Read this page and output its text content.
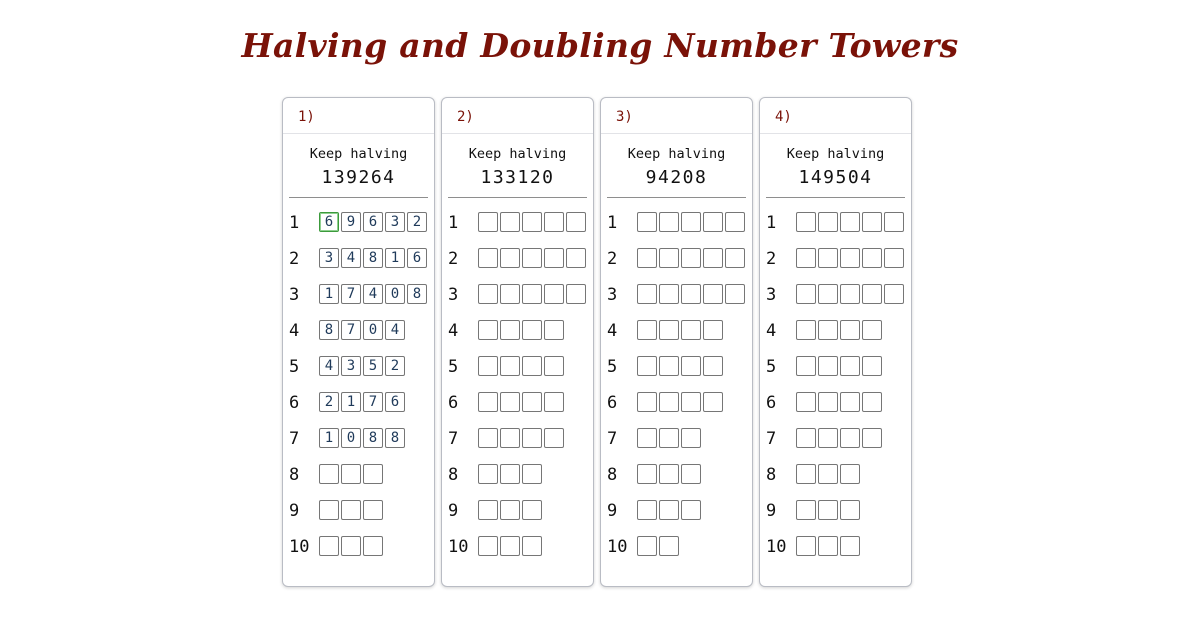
Halving and Doubling Number Towers
1)
Keep halving
139264
1	6 9 6 3 2
2	3 4 8 1 6
3	1 7 4 0 8
4	8 7 0 4
5	4 3 5 2
6	2 1 7 6
7	1 0 8 8
8
9
10
2)
Keep halving
133120
1
2
3
4
5
6
7
8
9
10
3)
Keep halving
94208
1
2
3
4
5
6
7
8
9
10
4)
Keep halving
149504
1
2
3
4
5
6
7
8
9
10
